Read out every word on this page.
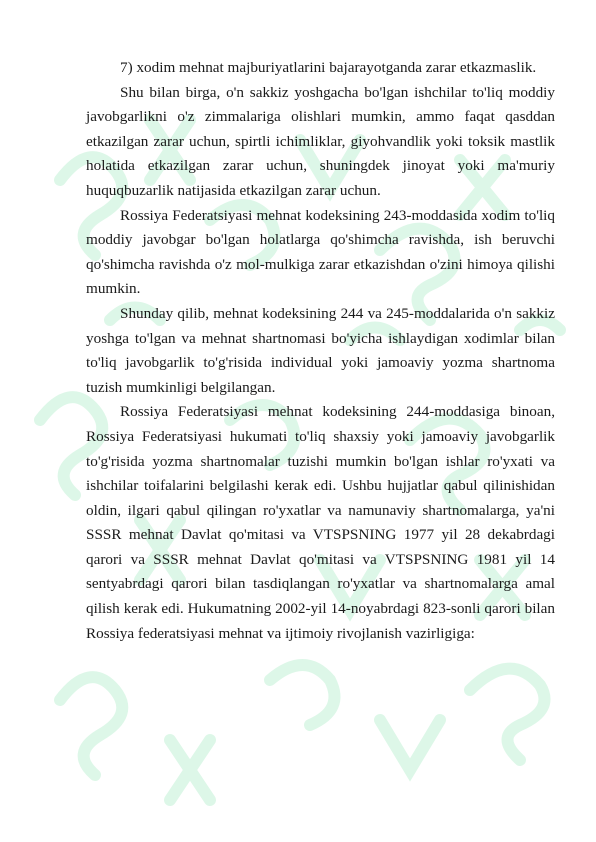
7) xodim mehnat majburiyatlarini bajarayotganda zarar etkazmaslik.

Shu bilan birga, o'n sakkiz yoshgacha bo'lgan ishchilar to'liq moddiy javobgarlikni o'z zimmalariga olishlari mumkin, ammo faqat qasddan etkazilgan zarar uchun, spirtli ichimliklar, giyohvandlik yoki toksik mastlik holatida etkazilgan zarar uchun, shuningdek jinoyat yoki ma'muriy huquqbuzarlik natijasida etkazilgan zarar uchun.

Rossiya Federatsiyasi mehnat kodeksining 243-moddasida xodim to'liq moddiy javobgar bo'lgan holatlarga qo'shimcha ravishda, ish beruvchi qo'shimcha ravishda o'z mol-mulkiga zarar etkazishdan o'zini himoya qilishi mumkin.

Shunday qilib, mehnat kodeksining 244 va 245-moddalarida o'n sakkiz yoshga to'lgan va mehnat shartnomasi bo'yicha ishlaydigan xodimlar bilan to'liq javobgarlik to'g'risida individual yoki jamoaviy yozma shartnoma tuzish mumkinligi belgilangan.

Rossiya Federatsiyasi mehnat kodeksining 244-moddasiga binoan, Rossiya Federatsiyasi hukumati to'liq shaxsiy yoki jamoaviy javobgarlik to'g'risida yozma shartnomalar tuzishi mumkin bo'lgan ishlar ro'yxati va ishchilar toifalarini belgilashi kerak edi. Ushbu hujjatlar qabul qilinishidan oldin, ilgari qabul qilingan ro'yxatlar va namunaviy shartnomalarga, ya'ni SSSR mehnat Davlat qo'mitasi va VTSPSNING 1977 yil 28 dekabrdagi qarori va SSSR mehnat Davlat qo'mitasi va VTSPSNING 1981 yil 14 sentyabrdagi qarori bilan tasdiqlangan ro'yxatlar va shartnomalarga amal qilish kerak edi. Hukumatning 2002-yil 14-noyabrdagi 823-sonli qarori bilan Rossiya federatsiyasi mehnat va ijtimoiy rivojlanish vazirligiga:
